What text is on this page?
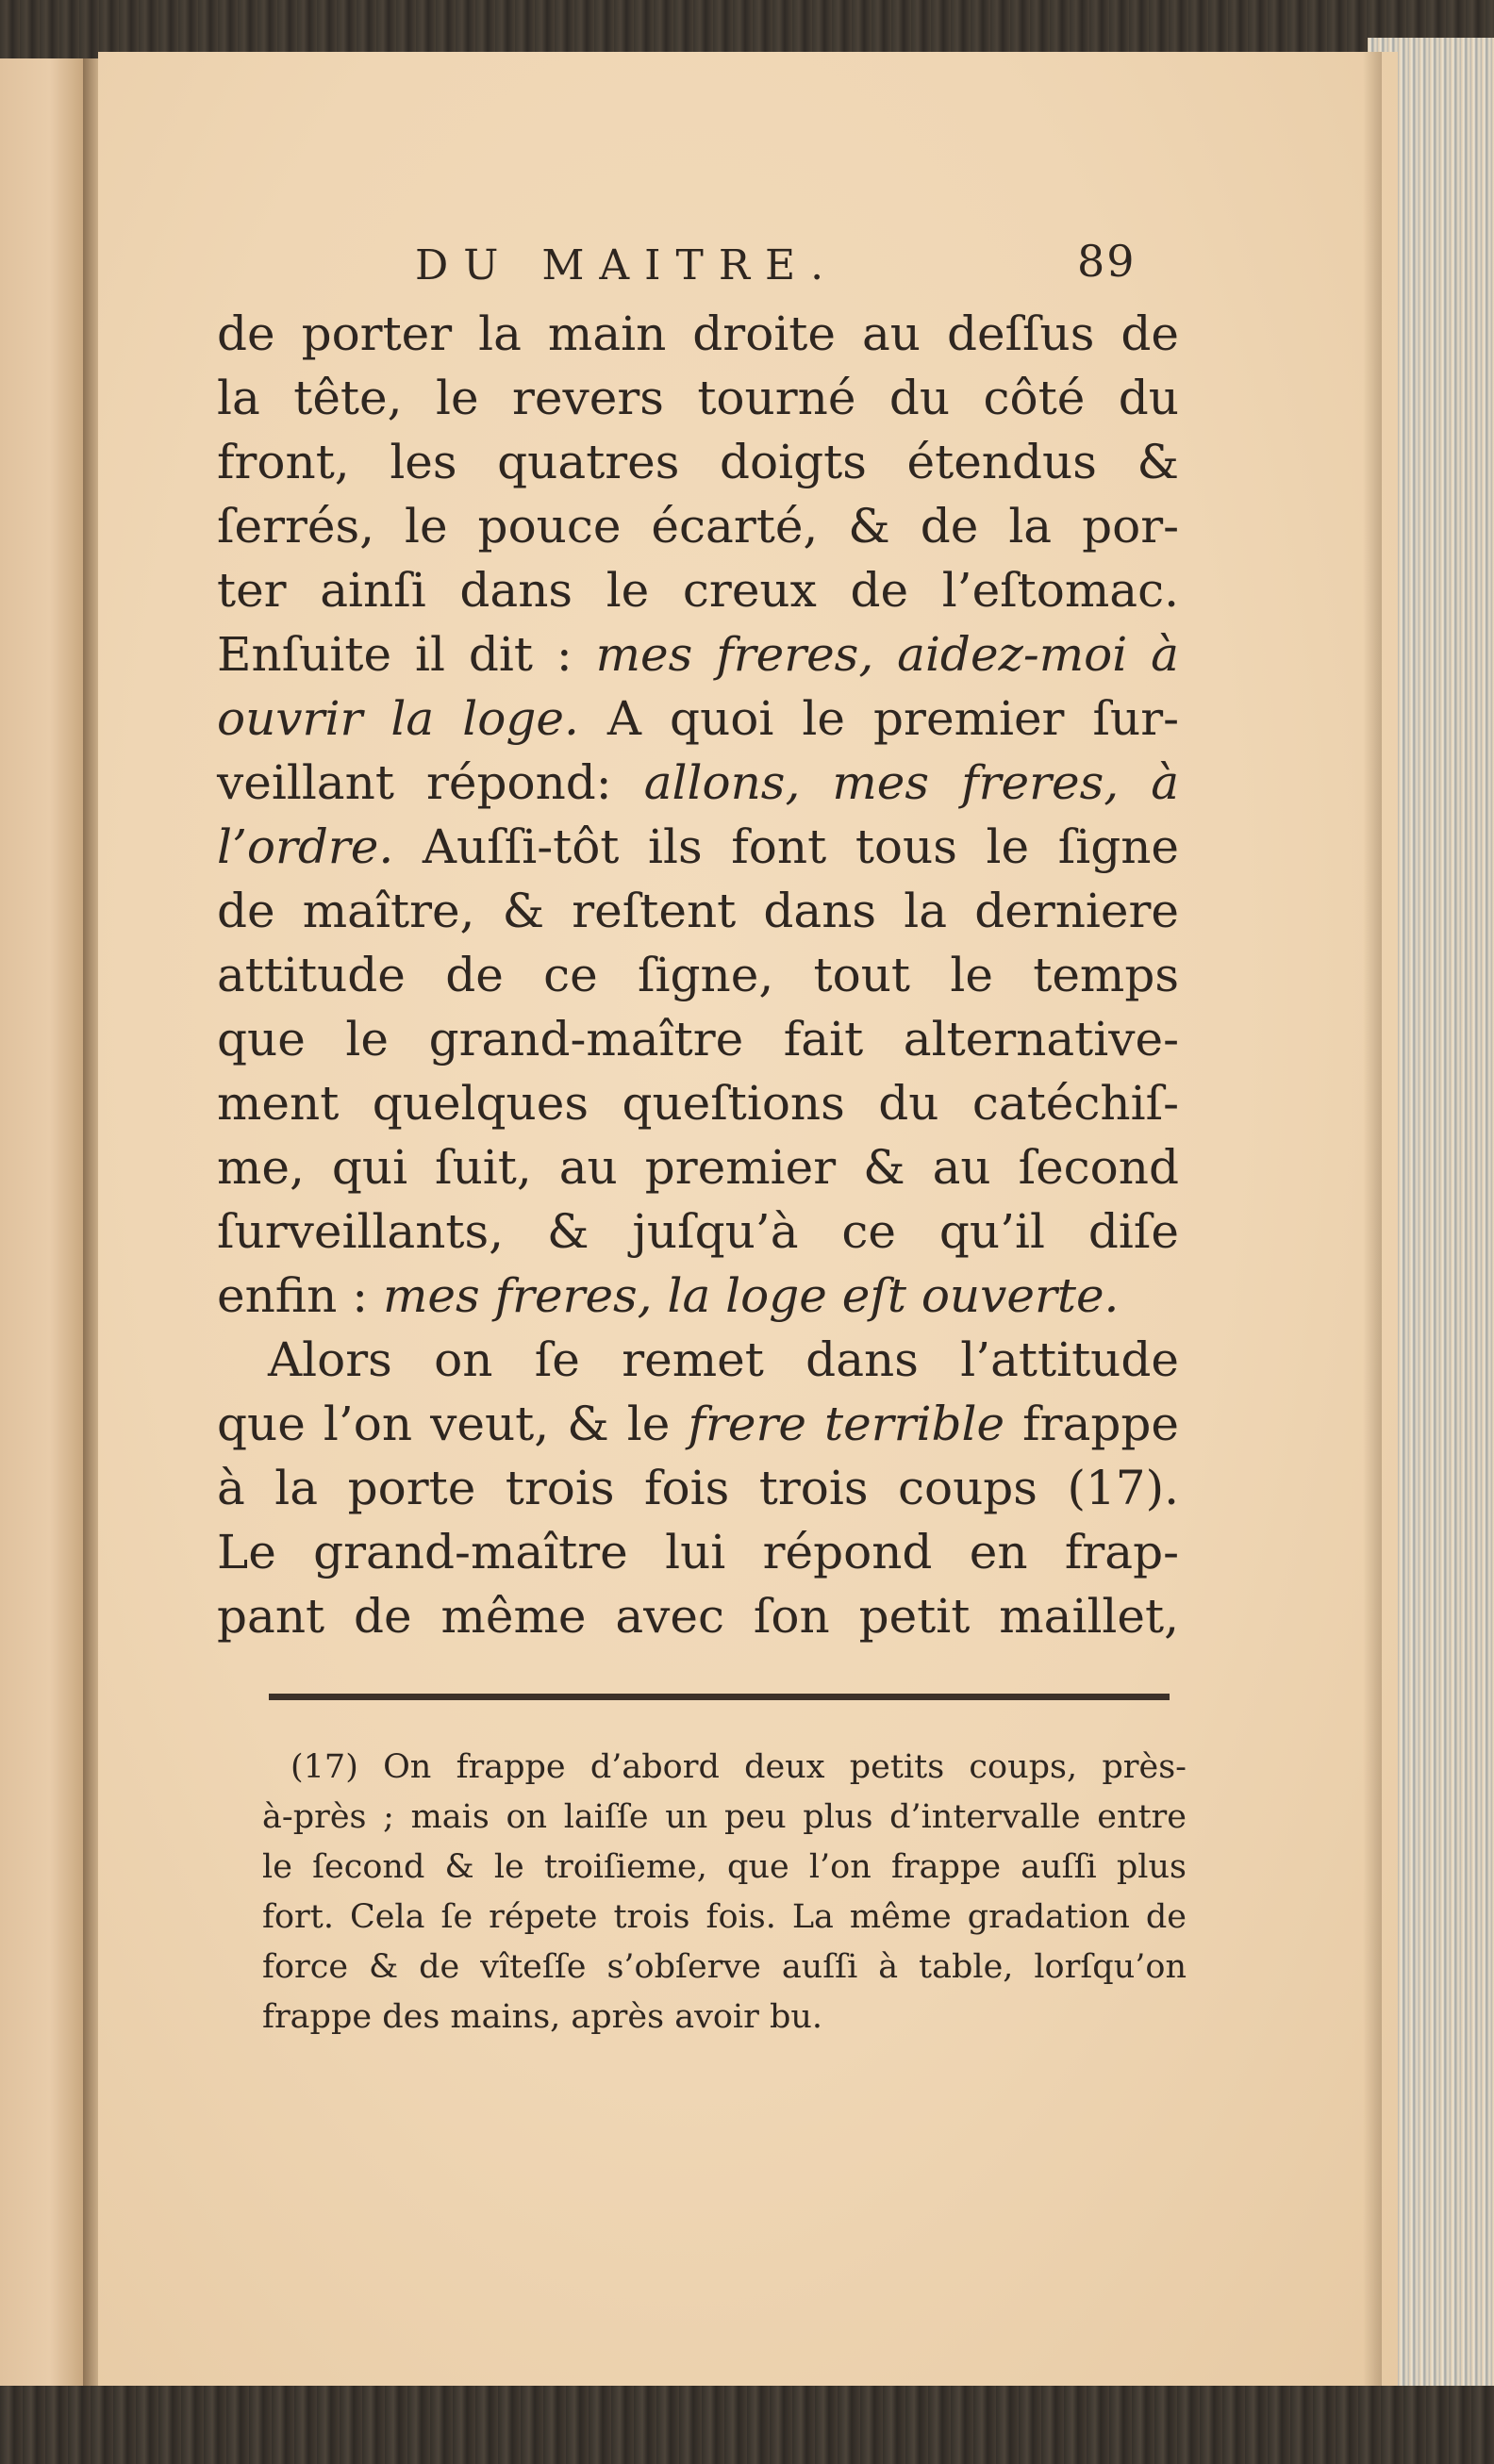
DU MAITRE.	89
de porter la main droite au deſſus de
la tête, le revers tourné du côté du
front, les quatres doigts étendus &
ſerrés, le pouce écarté, & de la por-
ter ainſi dans le creux de l’eſtomac.
Enſuite il dit : mes freres, aidez-moi à
ouvrir la loge. A quoi le premier ſur-
veillant répond: allons, mes freres, à
l’ordre. Auſſi-tôt ils font tous le ſigne
de maître, & reſtent dans la derniere
attitude de ce ſigne, tout le temps
que le grand-maître fait alternative-
ment quelques queſtions du catéchiſ-
me, qui ſuit, au premier & au ſecond
ſurveillants, & juſqu’à ce qu’il diſe
enfin : mes freres, la loge eſt ouverte.
Alors on ſe remet dans l’attitude
que l’on veut, & le frere terrible frappe
à la porte trois fois trois coups (17).
Le grand-maître lui répond en frap-
pant de même avec ſon petit maillet,
(17) On frappe d’abord deux petits coups, près-
à-près ; mais on laiſſe un peu plus d’intervalle entre
le ſecond & le troiſieme, que l’on frappe auſſi plus
fort. Cela ſe répete trois fois. La même gradation de
force & de vîteſſe s’obſerve auſſi à table, lorſqu’on
frappe des mains, après avoir bu.
